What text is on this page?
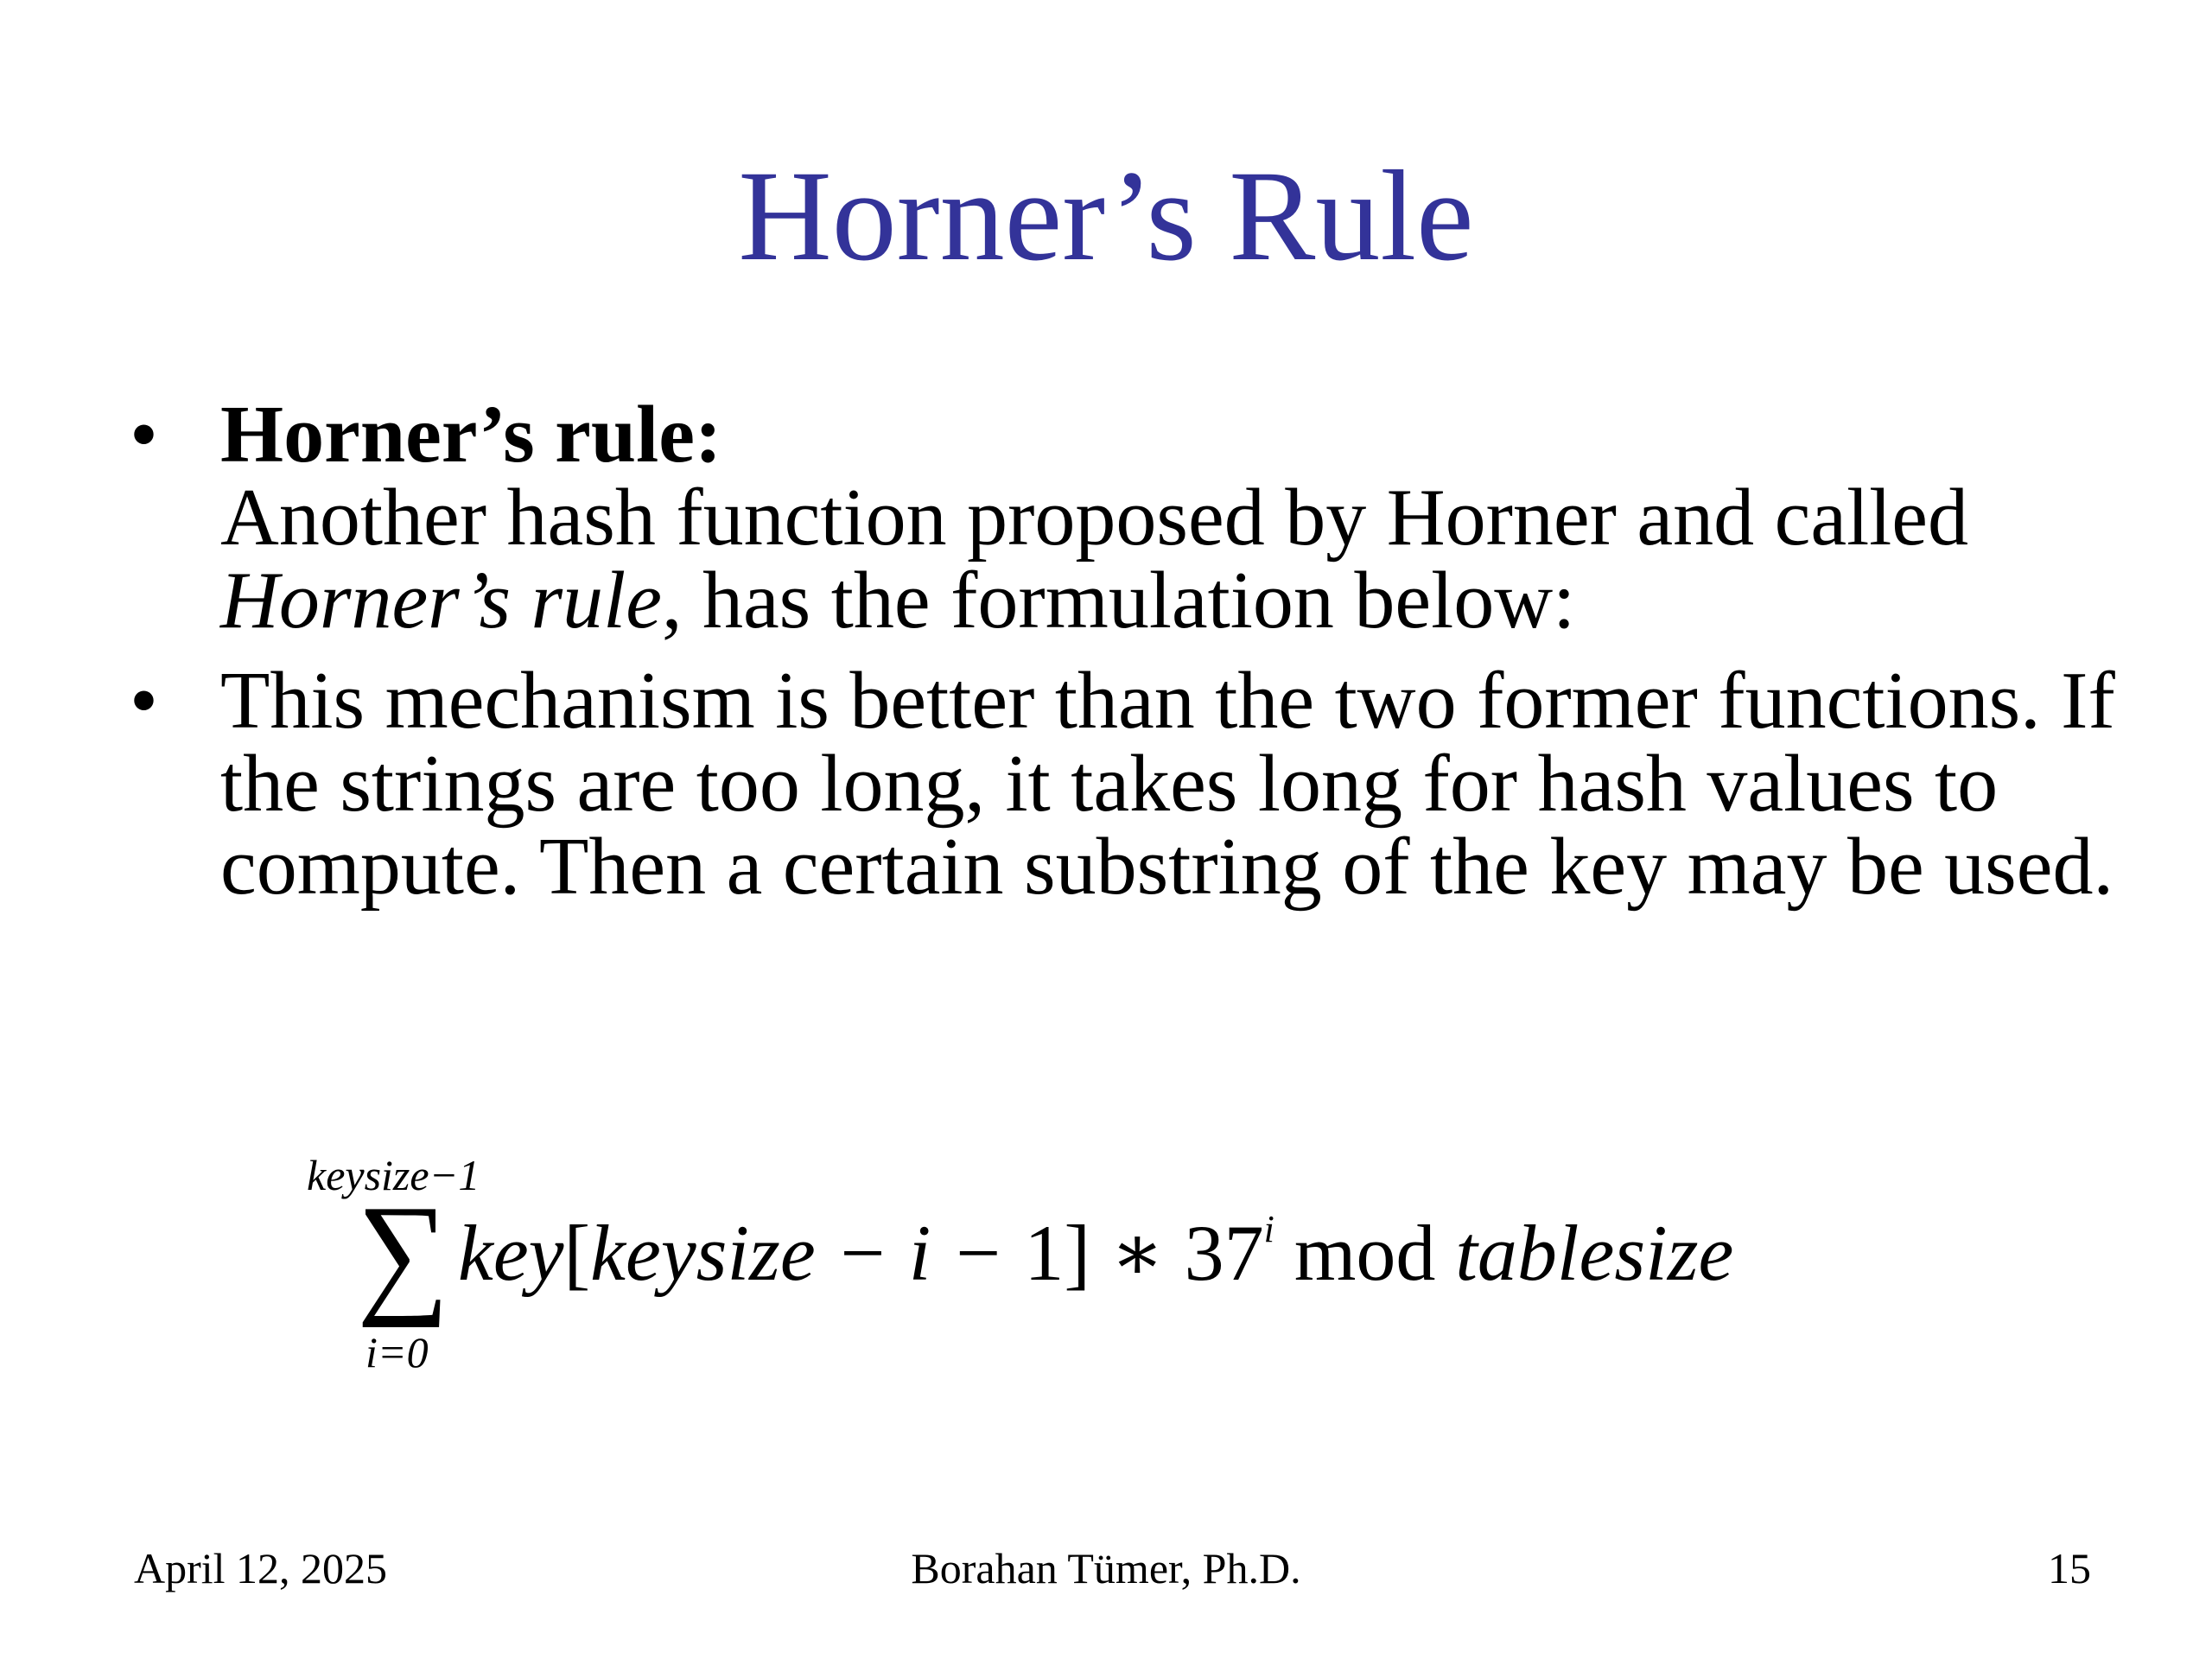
Horner’s Rule
• Horner’s rule:
Another hash function proposed by Horner and called Horner’s rule, has the formulation below:
• This mechanism is better than the two former functions. If the strings are too long, it takes long for hash values to compute. Then a certain substring of the key may be used.
keysize−1
∑
i=0
key[keysize − i − 1] ∗ 37$^i$ mod tablesize
April 12, 2025	Borahan Tümer, Ph.D.	15
